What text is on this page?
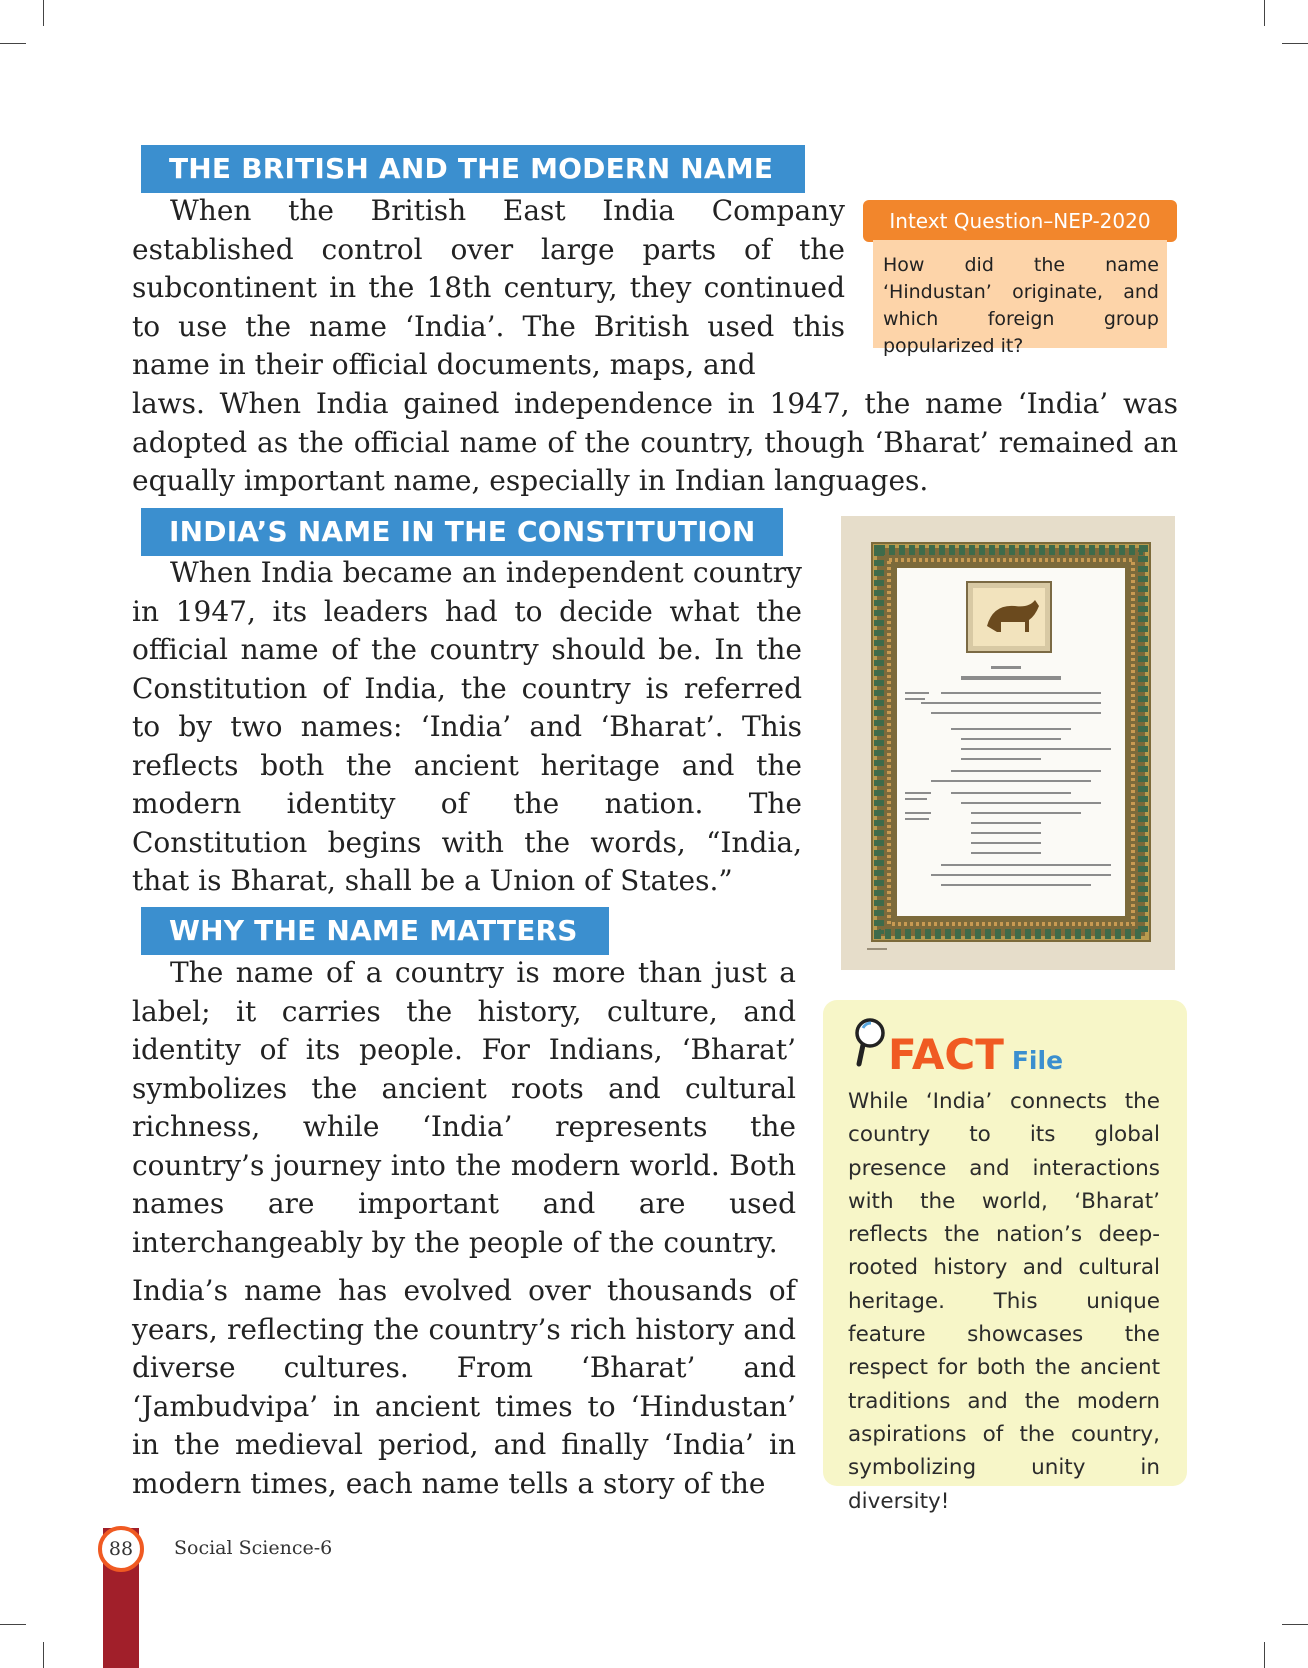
THE BRITISH AND THE MODERN NAME

When the British East India Company established control over large parts of the subcontinent in the 18th century, they continued to use the name ‘India’. The British used this name in their official documents, maps, and

laws. When India gained independence in 1947, the name ‘India’ was adopted as the official name of the country, though ‘Bharat’ remained an equally important name, especially in Indian languages.

Intext Question–NEP-2020
How did the name ‘Hindustan’ originate, and which foreign group popularized it?
INDIA’S NAME IN THE CONSTITUTION

When India became an independent country in 1947, its leaders had to decide what the official name of the country should be. In the Constitution of India, the country is referred to by two names: ‘India’ and ‘Bharat’. This reflects both the ancient heritage and the modern identity of the nation. The Constitution begins with the words, “India, that is Bharat, shall be a Union of States.”

WHY THE NAME MATTERS

The name of a country is more than just a label; it carries the history, culture, and identity of its people. For Indians, ‘Bharat’ symbolizes the ancient roots and cultural richness, while ‘India’ represents the country’s journey into the modern world. Both names are important and are used interchangeably by the people of the country.

India’s name has evolved over thousands of years, reflecting the country’s rich history and diverse cultures. From ‘Bharat’ and ‘Jambudvipa’ in ancient times to ‘Hindustan’ in the medieval period, and finally ‘India’ in modern times, each name tells a story of the

FACT File

While ‘India’ connects the country to its global presence and interactions with the world, ‘Bharat’ reflects the nation’s deep-rooted history and cultural heritage. This unique feature showcases the respect for both the ancient traditions and the modern aspirations of the country, symbolizing unity in diversity!

88	Social Science-6
